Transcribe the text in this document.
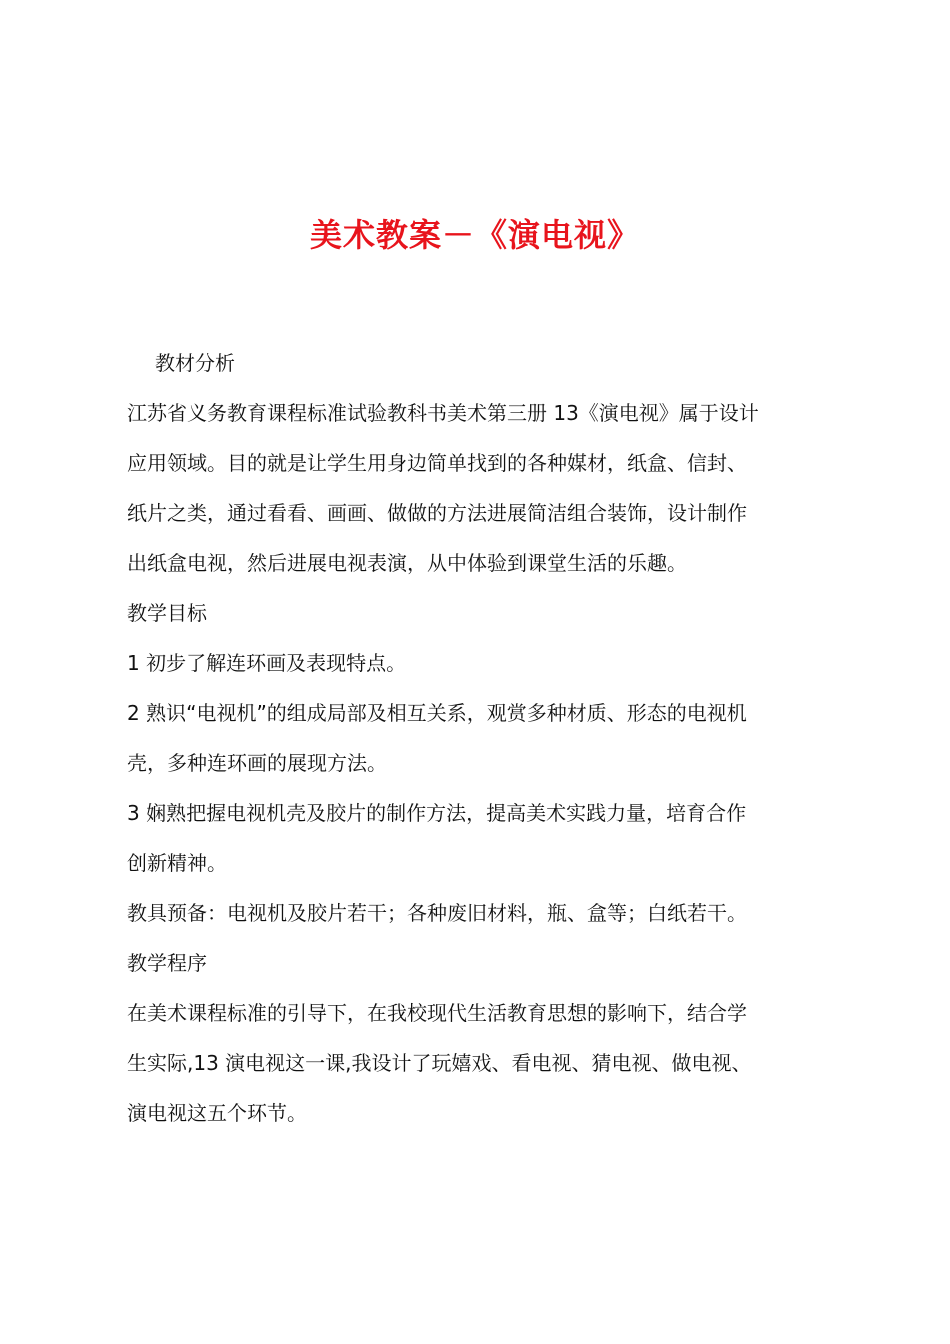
美术教案－《演电视》

教材分析

江苏省义务教育课程标准试验教科书美术第三册 13《演电视》属于设计

应用领域。目的就是让学生用身边简单找到的各种媒材，纸盒、信封、

纸片之类，通过看看、画画、做做的方法进展简洁组合装饰，设计制作

出纸盒电视，然后进展电视表演，从中体验到课堂生活的乐趣。

教学目标

1 初步了解连环画及表现特点。

2 熟识“电视机”的组成局部及相互关系，观赏多种材质、形态的电视机

壳，多种连环画的展现方法。

3 娴熟把握电视机壳及胶片的制作方法，提高美术实践力量，培育合作

创新精神。

教具预备：电视机及胶片若干；各种废旧材料，瓶、盒等；白纸若干。

教学程序

在美术课程标准的引导下，在我校现代生活教育思想的影响下，结合学

生实际,13 演电视这一课,我设计了玩嬉戏、看电视、猜电视、做电视、

演电视这五个环节。
